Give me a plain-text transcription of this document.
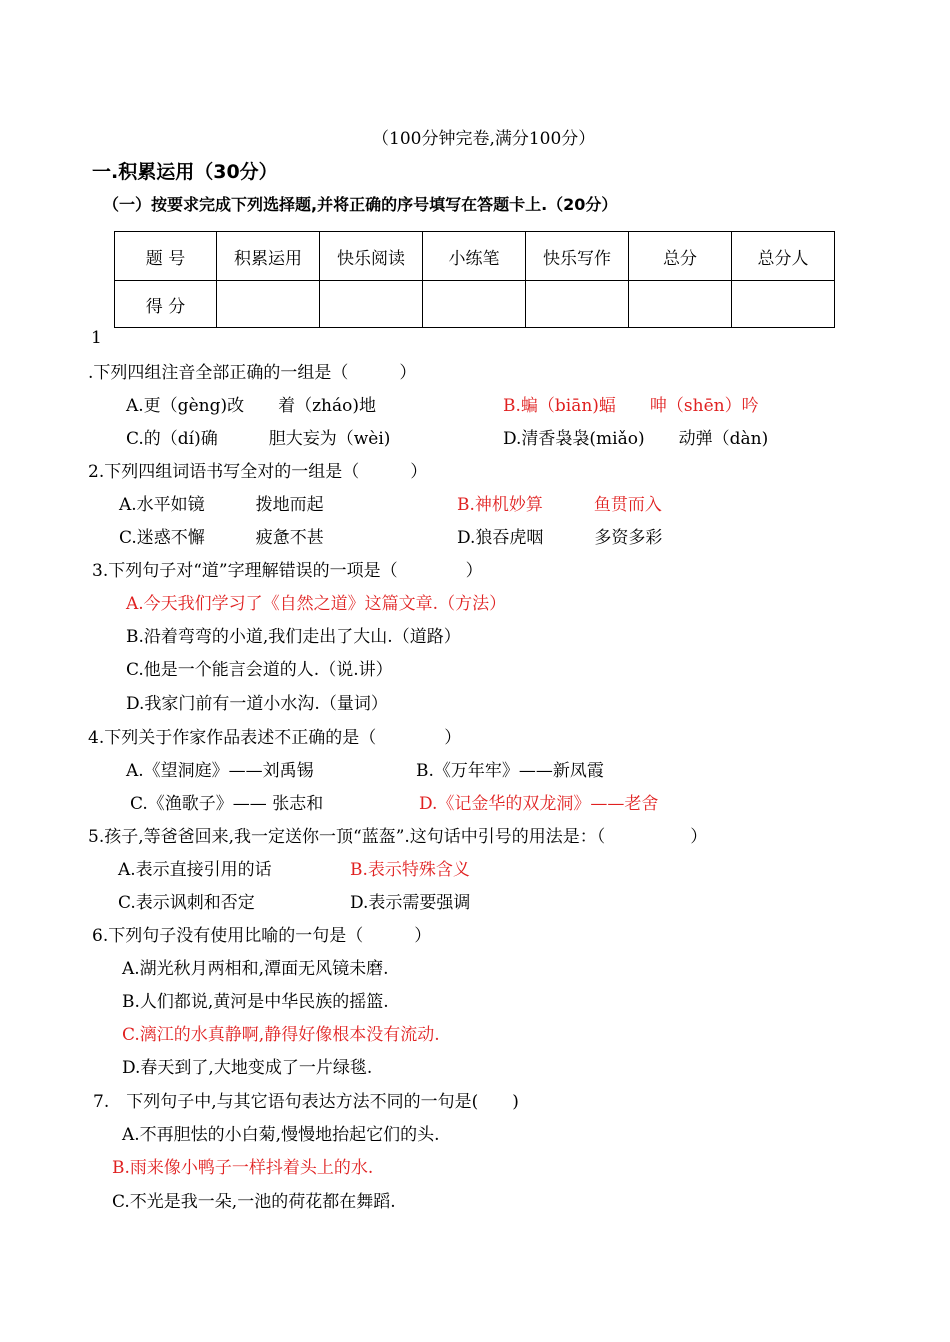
（100分钟完卷,满分100分）
一.积累运用（30分）
（一）按要求完成下列选择题,并将正确的序号填写在答题卡上.（20分）
题 号	积累运用	快乐阅读	小练笔	快乐写作	总分	总分人
得 分						
1
.下列四组注音全部正确的一组是（　　　）
A.更（gèng)改　　着（zháo)地	B.蝙（biān)蝠　　呻（shēn）吟
C.的（dí)确　　　胆大妄为（wèi)	D.清香袅袅(miǎo)　　动弹（dàn)
2.下列四组词语书写全对的一组是（　　　）
A.水平如镜　　　拨地而起	B.神机妙算　　　鱼贯而入
C.迷惑不懈　　　疲惫不甚	D.狼吞虎咽　　　多资多彩
3.下列句子对“道”字理解错误的一项是（　　　　）
A.今天我们学习了《自然之道》这篇文章.（方法）
B.沿着弯弯的小道,我们走出了大山.（道路）
C.他是一个能言会道的人.（说.讲）
D.我家门前有一道小水沟.（量词）
4.下列关于作家作品表述不正确的是（　　　　）
A.《望洞庭》——刘禹锡	B.《万年牢》——新凤霞
C.《渔歌子》—— 张志和	D.《记金华的双龙洞》——老舍
5.孩子,等爸爸回来,我一定送你一顶“蓝盔”.这句话中引号的用法是：（　　　　　）
A.表示直接引用的话	B.表示特殊含义
C.表示讽刺和否定	D.表示需要强调
6.下列句子没有使用比喻的一句是（　　　）
A.湖光秋月两相和,潭面无风镜未磨.
B.人们都说,黄河是中华民族的摇篮.
C.漓江的水真静啊,静得好像根本没有流动.
D.春天到了,大地变成了一片绿毯.
7.　下列句子中,与其它语句表达方法不同的一句是(　　)
A.不再胆怯的小白菊,慢慢地抬起它们的头.
B.雨来像小鸭子一样抖着头上的水.
C.不光是我一朵,一池的荷花都在舞蹈.
